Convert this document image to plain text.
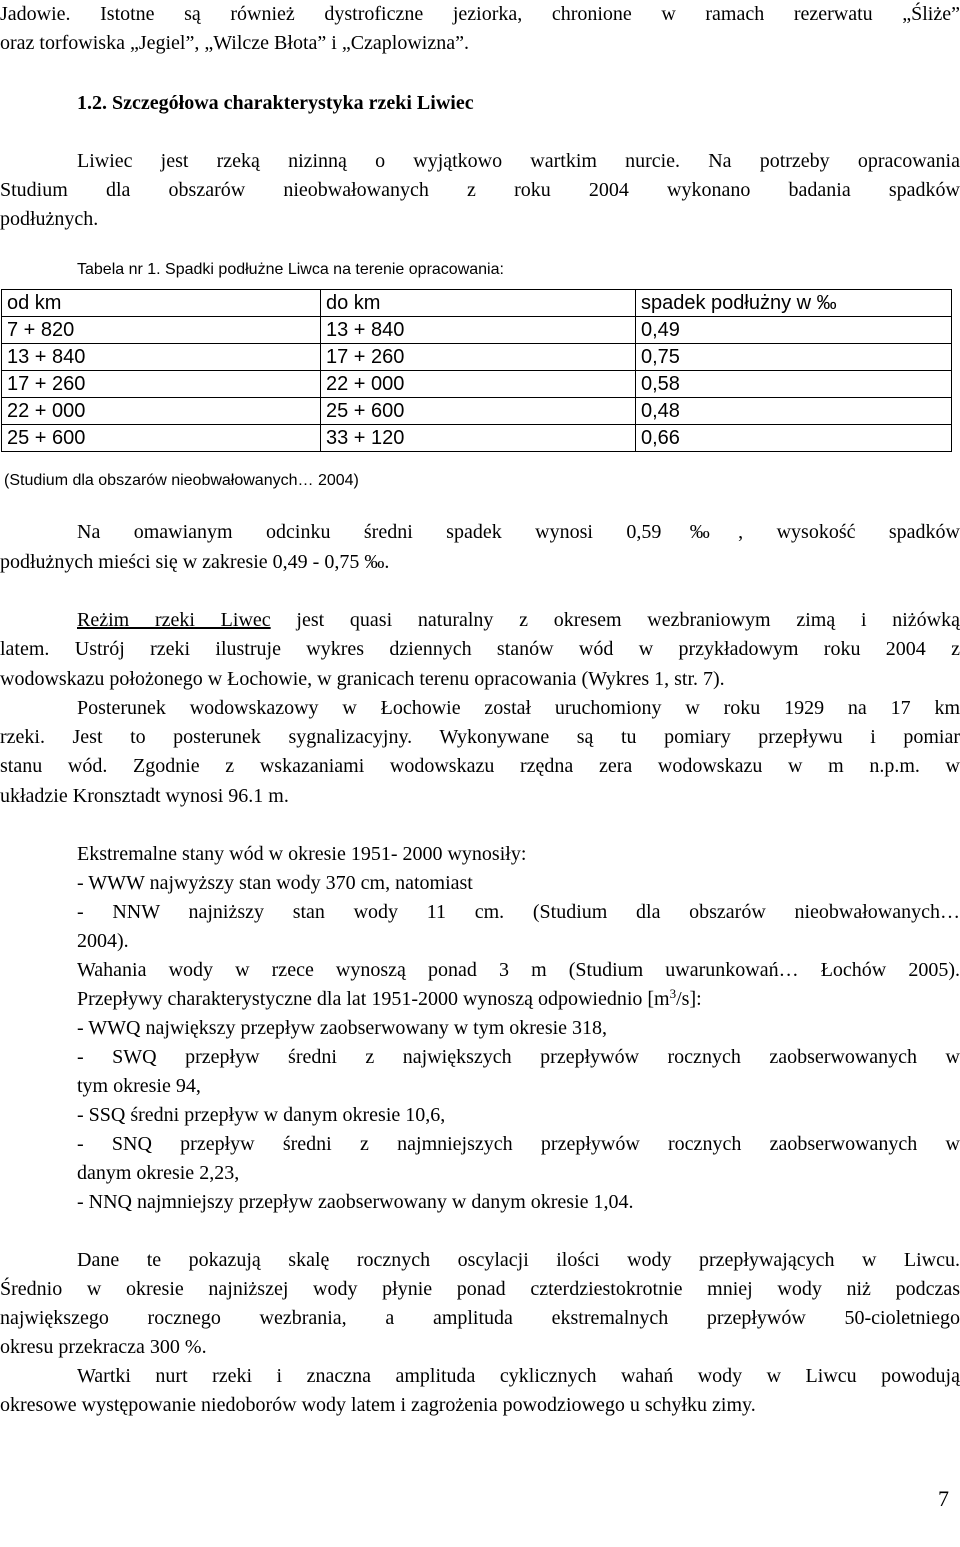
Jadowie. Istotne są również dystroficzne jeziorka, chronione w ramach rezerwatu „Śliże”
oraz torfowiska „Jegiel”, „Wilcze Błota” i „Czaplowizna”.
1.2. Szczegółowa charakterystyka rzeki Liwiec
Liwiec jest rzeką nizinną o wyjątkowo wartkim nurcie. Na potrzeby opracowania
Studium dla obszarów nieobwałowanych z roku 2004 wykonano badania spadków
podłużnych.
Tabela nr 1. Spadki podłużne Liwca na terenie opracowania:
od km	do km	spadek podłużny w ‰
7 + 820	13 + 840	0,49
13 + 840	17 + 260	0,75
17 + 260	22 + 000	0,58
22 + 000	25 + 600	0,48
25 + 600	33 + 120	0,66
(Studium dla obszarów nieobwałowanych… 2004)
Na omawianym odcinku średni spadek wynosi 0,59‰, wysokość spadków
podłużnych mieści się w zakresie 0,49 - 0,75 ‰.
Reżim rzeki Liwec jest quasi naturalny z okresem wezbraniowym zimą i niżówką
latem. Ustrój rzeki ilustruje wykres dziennych stanów wód w przykładowym roku 2004 z
wodowskazu położonego w Łochowie, w granicach terenu opracowania (Wykres 1, str. 7).
Posterunek wodowskazowy w Łochowie został uruchomiony w roku 1929 na 17 km
rzeki. Jest to posterunek sygnalizacyjny. Wykonywane są tu pomiary przepływu i pomiar
stanu wód. Zgodnie z wskazaniami wodowskazu rzędna zera wodowskazu w m n.p.m. w
układzie Kronsztadt wynosi 96.1 m.
Ekstremalne stany wód w okresie 1951- 2000 wynosiły:
- WWW najwyższy stan wody 370 cm, natomiast
- NNW najniższy stan wody 11 cm. (Studium dla obszarów nieobwałowanych…
2004).
Wahania wody w rzece wynoszą ponad 3 m (Studium uwarunkowań… Łochów 2005).
Przepływy charakterystyczne dla lat 1951-2000 wynoszą odpowiednio $[m^3/s]$:
- WWQ największy przepływ zaobserwowany w tym okresie 318,
- SWQ przepływ średni z największych przepływów rocznych zaobserwowanych w
tym okresie 94,
- SSQ średni przepływ w danym okresie 10,6,
- SNQ przepływ średni z najmniejszych przepływów rocznych zaobserwowanych w
danym okresie 2,23,
- NNQ najmniejszy przepływ zaobserwowany w danym okresie 1,04.
Dane te pokazują skalę rocznych oscylacji ilości wody przepływających w Liwcu.
Średnio w okresie najniższej wody płynie ponad czterdziestokrotnie mniej wody niż podczas
największego rocznego wezbrania, a amplituda ekstremalnych przepływów 50-cioletniego
okresu przekracza 300 %.
Wartki nurt rzeki i znaczna amplituda cyklicznych wahań wody w Liwcu powodują
okresowe występowanie niedoborów wody latem i zagrożenia powodziowego u schyłku zimy.
7
